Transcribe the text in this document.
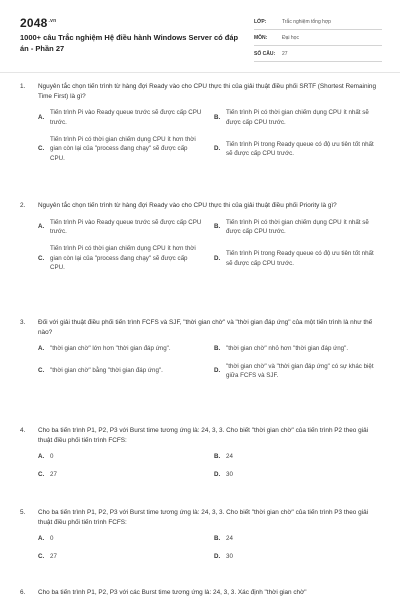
$2048^{.vn}$
1000+ câu Trắc nghiệm Hệ điều hành Windows Server có đáp án - Phần 27
LỚP:	Trắc nghiệm tổng hợp
MÔN:	Đại học
SỐ CÂU:	27
1.	Nguyên tắc chọn tiến trình từ hàng đợi Ready vào cho CPU thực thi của giải thuật điều phối SRTF (Shortest Remaining Time First) là gì?
A.
Tiến trình Pi vào Ready queue trước sẽ được cấp CPU trước.
B.
Tiến trình Pi có thời gian chiếm dụng CPU ít nhất sẽ được cấp CPU trước.
C.
Tiến trình Pi có thời gian chiếm dụng CPU ít hơn thời gian còn lại của "process đang chạy" sẽ được cấp CPU.
D.
Tiến trình Pi trong Ready queue có độ ưu tiên tốt nhất sẽ được cấp CPU trước.
2.	Nguyên tắc chọn tiến trình từ hàng đợi Ready vào cho CPU thực thi của giải thuật điều phối Priority là gì?
A.
Tiến trình Pi vào Ready queue trước sẽ được cấp CPU trước.
B.
Tiến trình Pi có thời gian chiếm dụng CPU ít nhất sẽ được cấp CPU trước.
C.
Tiến trình Pi có thời gian chiếm dụng CPU ít hơn thời gian còn lại của "process đang chạy" sẽ được cấp CPU.
D.
Tiến trình Pi trong Ready queue có độ ưu tiên tốt nhất sẽ được cấp CPU trước.
3.	Đối với giải thuật điều phối tiến trình FCFS và SJF, "thời gian chờ" và "thời gian đáp ứng" của một tiến trình là như thế nào?
A. "thời gian chờ" lớn hơn "thời gian đáp ứng".	B. "thời gian chờ" nhỏ hơn "thời gian đáp ứng".
C. "thời gian chờ" bằng "thời gian đáp ứng".	D.
"thời gian chờ" và "thời gian đáp ứng" có sự khác biệt giữa FCFS và SJF.
4.	Cho ba tiến trình P1, P2, P3 với Burst time tương ứng là: 24, 3, 3. Cho biết "thời gian chờ" của tiến trình P2 theo giải thuật điều phối tiến trình FCFS:
A. 0	B. 24
C. 27	D. 30
5.	Cho ba tiến trình P1, P2, P3 với Burst time tương ứng là: 24, 3, 3. Cho biết "thời gian chờ" của tiến trình P3 theo giải thuật điều phối tiến trình FCFS:
A. 0	B. 24
C. 27	D. 30
6.	Cho ba tiến trình P1, P2, P3 với các Burst time tương ứng là: 24, 3, 3. Xác định "thời gian chờ"
